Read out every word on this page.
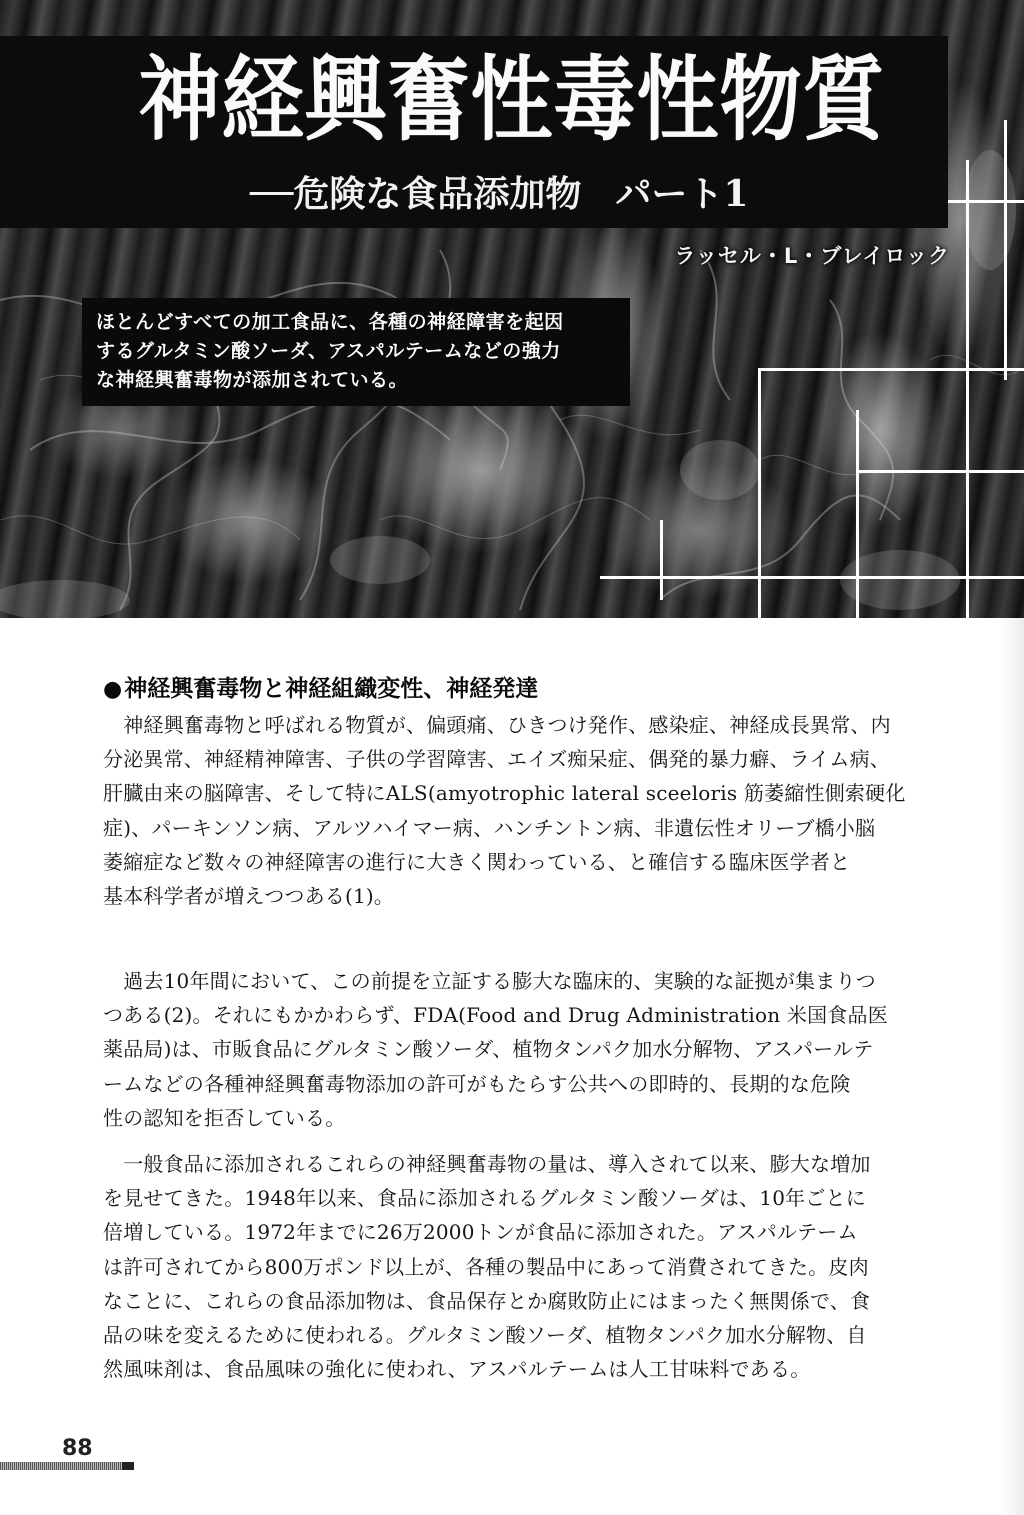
神経興奮性毒性物質
──危険な食品添加物 パート1
ラッセル・L・ブレイロック
ほとんどすべての加工食品に、各種の神経障害を起因
するグルタミン酸ソーダ、アスパルテームなどの強力
な神経興奮毒物が添加されている。
●神経興奮毒物と神経組織変性、神経発達
　神経興奮毒物と呼ばれる物質が、偏頭痛、ひきつけ発作、感染症、神経成長異常、内
分泌異常、神経精神障害、子供の学習障害、エイズ痴呆症、偶発的暴力癖、ライム病、
肝臓由来の脳障害、そして特にALS(amyotrophic lateral sceeloris 筋萎縮性側索硬化
症)、パーキンソン病、アルツハイマー病、ハンチントン病、非遺伝性オリーブ橋小脳
萎縮症など数々の神経障害の進行に大きく関わっている、と確信する臨床医学者と
基本科学者が増えつつある(1)。
　過去10年間において、この前提を立証する膨大な臨床的、実験的な証拠が集まりつ
つある(2)。それにもかかわらず、FDA(Food and Drug Administration 米国食品医
薬品局)は、市販食品にグルタミン酸ソーダ、植物タンパク加水分解物、アスパールテ
ームなどの各種神経興奮毒物添加の許可がもたらす公共への即時的、長期的な危険
性の認知を拒否している。
　一般食品に添加されるこれらの神経興奮毒物の量は、導入されて以来、膨大な増加
を見せてきた。1948年以来、食品に添加されるグルタミン酸ソーダは、10年ごとに
倍増している。1972年までに26万2000トンが食品に添加された。アスパルテーム
は許可されてから800万ポンド以上が、各種の製品中にあって消費されてきた。皮肉
なことに、これらの食品添加物は、食品保存とか腐敗防止にはまったく無関係で、食
品の味を変えるために使われる。グルタミン酸ソーダ、植物タンパク加水分解物、自
然風味剤は、食品風味の強化に使われ、アスパルテームは人工甘味料である。
88
